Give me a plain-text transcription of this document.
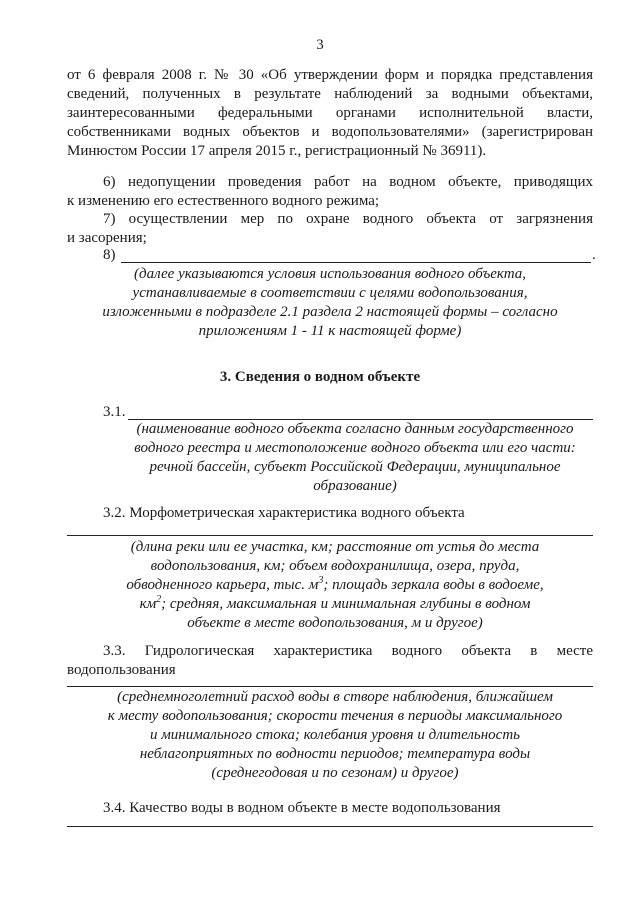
3
от 6 февраля 2008 г. № 30 «Об утверждении форм и порядка представления
сведений, полученных в результате наблюдений за водными объектами,
заинтересованными федеральными органами исполнительной власти,
собственниками водных объектов и водопользователями» (зарегистрирован
Минюстом России 17 апреля 2015 г., регистрационный № 36911).
6) недопущении проведения работ на водном объекте, приводящих
к изменению его естественного водного режима;
7) осуществлении мер по охране водного объекта от загрязнения
и засорения;
8)	.
(далее указываются условия использования водного объекта,
устанавливаемые в соответствии с целями водопользования,
изложенными в подразделе 2.1 раздела 2 настоящей формы – согласно
приложениям 1 - 11 к настоящей форме)
3. Сведения о водном объекте
3.1.
(наименование водного объекта согласно данным государственного
водного реестра и местоположение водного объекта или его части:
речной бассейн, субъект Российской Федерации, муниципальное
образование)
3.2. Морфометрическая характеристика водного объекта
(длина реки или ее участка, км; расстояние от устья до места
водопользования, км; объем водохранилища, озера, пруда,
обводненного карьера, тыс. $м^3$; площадь зеркала воды в водоеме,
$км^2$; средняя, максимальная и минимальная глубины в водном
объекте в месте водопользования, м и другое)
3.3. Гидрологическая характеристика водного объекта в месте
водопользования
(среднемноголетний расход воды в створе наблюдения, ближайшем
к месту водопользования; скорости течения в периоды максимального
и минимального стока; колебания уровня и длительность
неблагоприятных по водности периодов; температура воды
(среднегодовая и по сезонам) и другое)
3.4. Качество воды в водном объекте в месте водопользования
